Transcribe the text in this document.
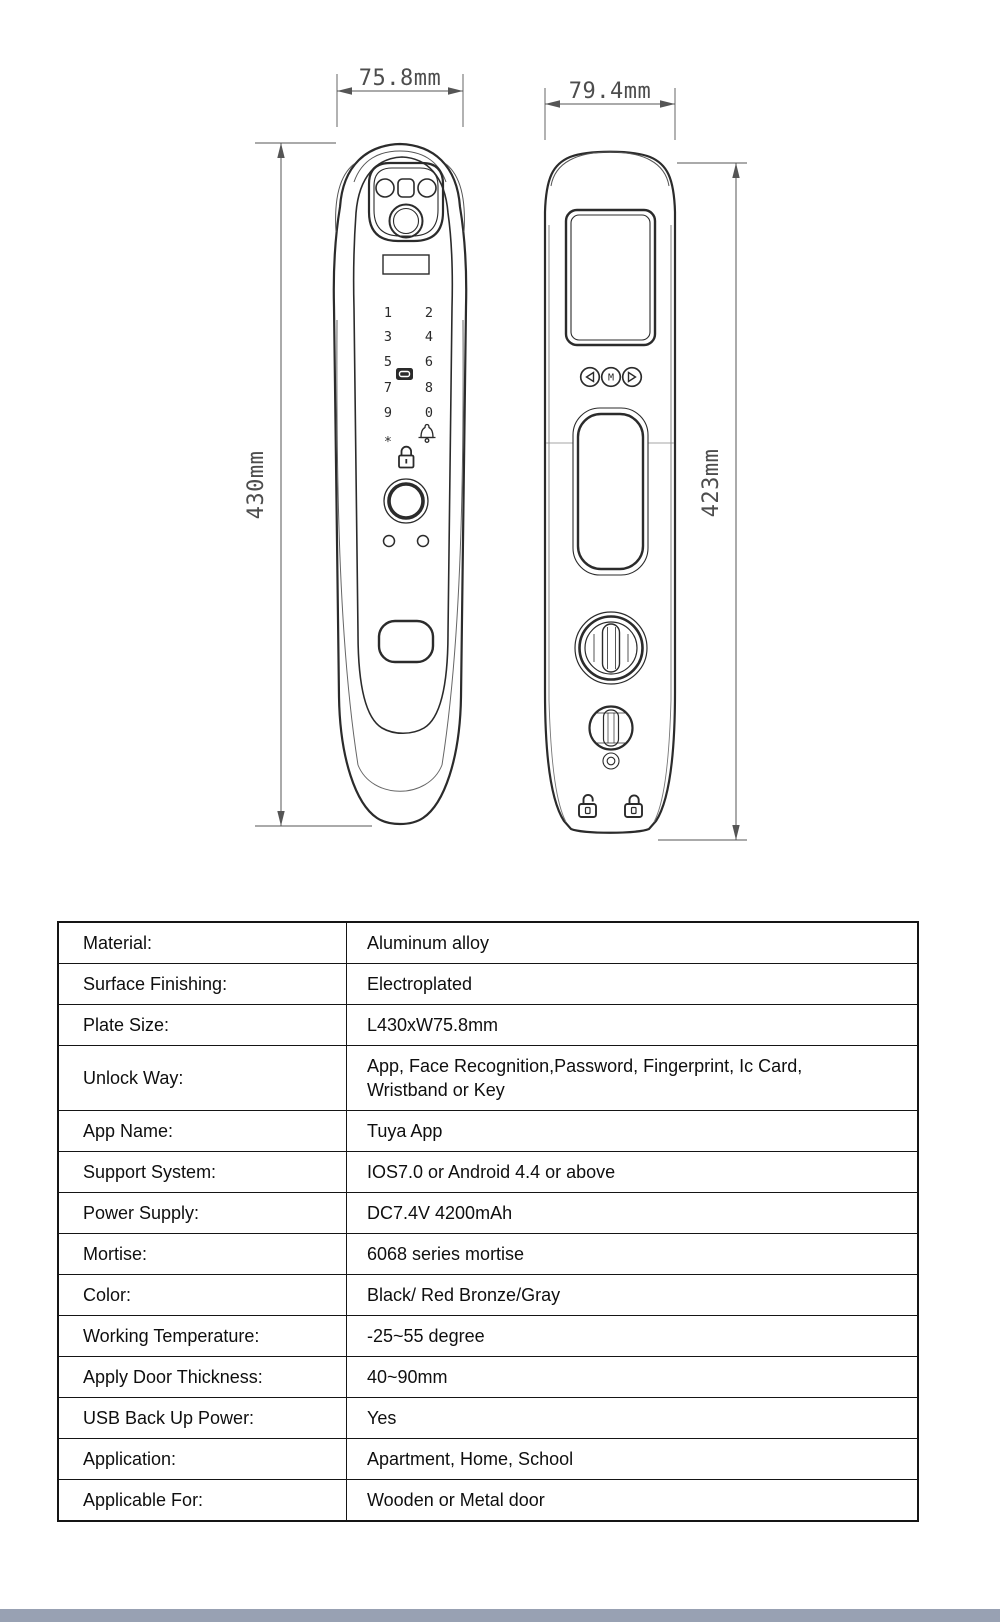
1 2
3 4
5 6
7 8
9 0
*
M
75.8mm
79.4mm
430mm	423mm
Material:	Aluminum alloy
Surface Finishing:	Electroplated
Plate Size:	L430xW75.8mm
Unlock Way:	App, Face Recognition,Password, Fingerprint, Ic Card, Wristband or Key
App Name:	Tuya App
Support System:	IOS7.0 or Android 4.4 or above
Power Supply:	DC7.4V 4200mAh
Mortise:	6068 series mortise
Color:	Black/ Red Bronze/Gray
Working Temperature:	-25~55 degree
Apply Door Thickness:	40~90mm
USB Back Up Power:	Yes
Application:	Apartment, Home, School
Applicable For:	Wooden or Metal door
